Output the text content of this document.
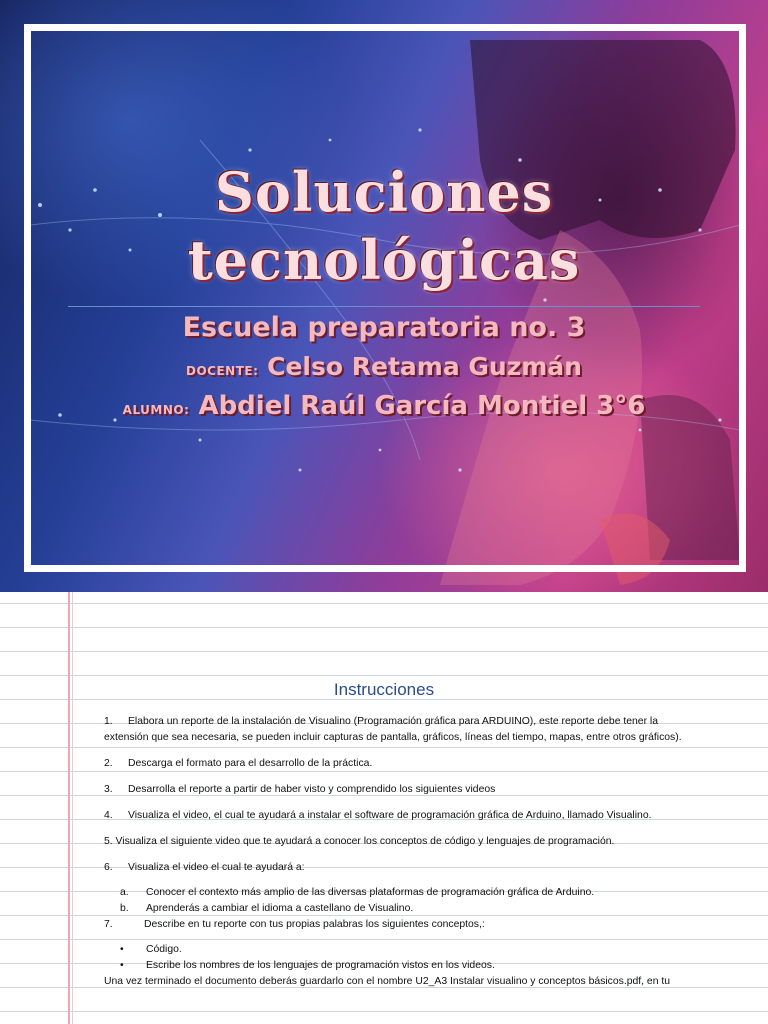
Soluciones
tecnológicas
Escuela preparatoria no. 3
DOCENTE: Celso Retama Guzmán
ALUMNO: Abdiel Raúl García Montiel 3°6
Instrucciones

1. Elabora un reporte de la instalación de Visualino (Programación gráfica para ARDUINO), este reporte debe tener la extensión que sea necesaria, se pueden incluir capturas de pantalla, gráficos, líneas del tiempo, mapas, entre otros gráficos).

2. Descarga el formato para el desarrollo de la práctica.

3. Desarrolla el reporte a partir de haber visto y comprendido los siguientes videos

4. Visualiza el video, el cual te ayudará a instalar el software de programación gráfica de Arduino, llamado Visualino.

5. Visualiza el siguiente video que te ayudará a conocer los conceptos de código y lenguajes de programación.

6. Visualiza el video el cual te ayudará a:

a. Conocer el contexto más amplio de las diversas plataformas de programación gráfica de Arduino.

b. Aprenderás a cambiar el idioma a castellano de Visualino.

7.	Describe en tu reporte con tus propias palabras los siguientes conceptos,:

• Código.

• Escribe los nombres de los lenguajes de programación vistos en los videos.

Una vez terminado el documento deberás guardarlo con el nombre U2_A3 Instalar visualino y conceptos básicos.pdf, en tu
